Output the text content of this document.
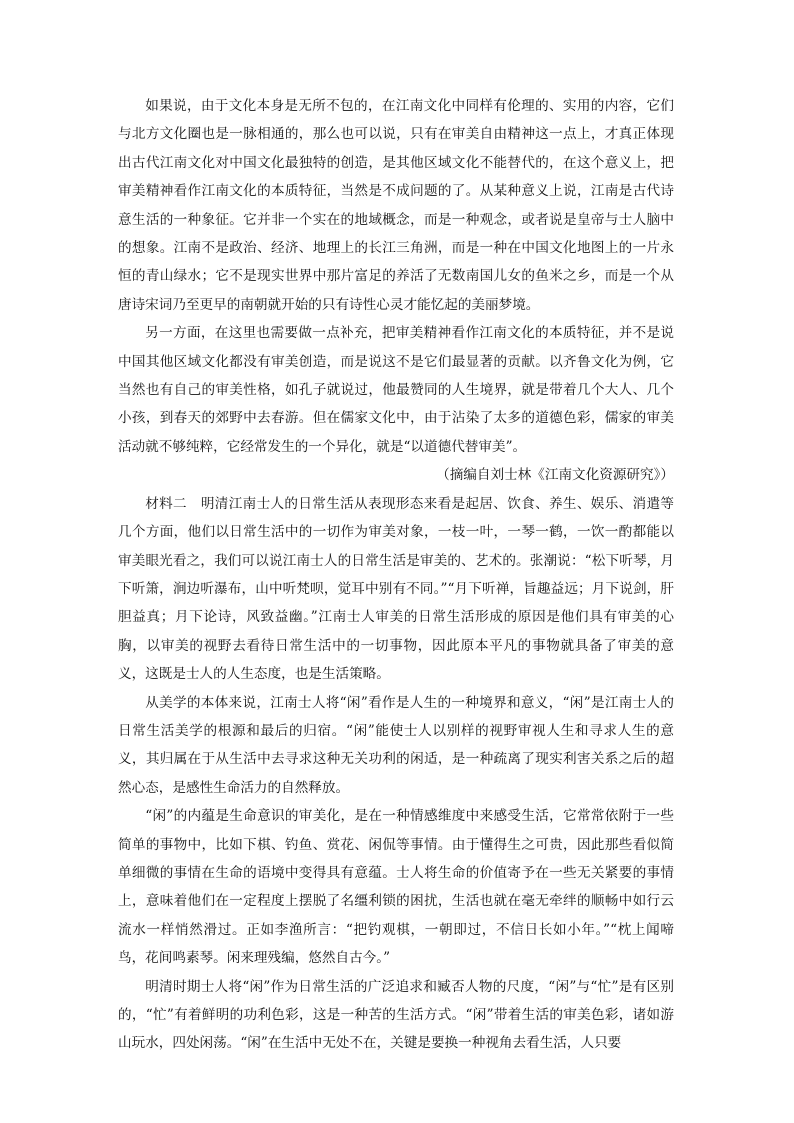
如果说，由于文化本身是无所不包的，在江南文化中同样有伦理的、实用的内容，它们与北方文化圈也是一脉相通的，那么也可以说，只有在审美自由精神这一点上，才真正体现出古代江南文化对中国文化最独特的创造，是其他区域文化不能替代的，在这个意义上，把审美精神看作江南文化的本质特征，当然是不成问题的了。从某种意义上说，江南是古代诗意生活的一种象征。它并非一个实在的地域概念，而是一种观念，或者说是皇帝与士人脑中的想象。江南不是政治、经济、地理上的长江三角洲，而是一种在中国文化地图上的一片永恒的青山绿水；它不是现实世界中那片富足的养活了无数南国儿女的鱼米之乡，而是一个从唐诗宋词乃至更早的南朝就开始的只有诗性心灵才能忆起的美丽梦境。

另一方面，在这里也需要做一点补充，把审美精神看作江南文化的本质特征，并不是说中国其他区域文化都没有审美创造，而是说这不是它们最显著的贡献。以齐鲁文化为例，它当然也有自己的审美性格，如孔子就说过，他最赞同的人生境界，就是带着几个大人、几个小孩，到春天的郊野中去春游。但在儒家文化中，由于沾染了太多的道德色彩，儒家的审美活动就不够纯粹，它经常发生的一个异化，就是“以道德代替审美”。

（摘编自刘士林《江南文化资源研究》）

材料二　明清江南士人的日常生活从表现形态来看是起居、饮食、养生、娱乐、消遣等几个方面，他们以日常生活中的一切作为审美对象，一枝一叶，一琴一鹤，一饮一酌都能以审美眼光看之，我们可以说江南士人的日常生活是审美的、艺术的。张潮说：“松下听琴，月下听箫，涧边听瀑布，山中听梵呗，觉耳中别有不同。”“月下听禅，旨趣益远；月下说剑，肝胆益真；月下论诗，风致益幽。”江南士人审美的日常生活形成的原因是他们具有审美的心胸，以审美的视野去看待日常生活中的一切事物，因此原本平凡的事物就具备了审美的意义，这既是士人的人生态度，也是生活策略。

从美学的本体来说，江南士人将“闲”看作是人生的一种境界和意义，“闲”是江南士人的日常生活美学的根源和最后的归宿。“闲”能使士人以别样的视野审视人生和寻求人生的意义，其归属在于从生活中去寻求这种无关功利的闲适，是一种疏离了现实利害关系之后的超然心态，是感性生命活力的自然释放。

“闲”的内蕴是生命意识的审美化，是在一种情感维度中来感受生活，它常常依附于一些简单的事物中，比如下棋、钓鱼、赏花、闲侃等事情。由于懂得生之可贵，因此那些看似简单细微的事情在生命的语境中变得具有意蕴。士人将生命的价值寄予在一些无关紧要的事情上，意味着他们在一定程度上摆脱了名缰利锁的困扰，生活也就在毫无牵绊的顺畅中如行云流水一样悄然滑过。正如李渔所言：“把钓观棋，一朝即过，不信日长如小年。”“枕上闻啼鸟，花间鸣素琴。闲来理残编，悠然自古今。”

明清时期士人将“闲”作为日常生活的广泛追求和臧否人物的尺度，“闲”与“忙”是有区别的，“忙”有着鲜明的功利色彩，这是一种苦的生活方式。“闲”带着生活的审美色彩，诸如游山玩水，四处闲荡。“闲”在生活中无处不在，关键是要换一种视角去看生活，人只要
